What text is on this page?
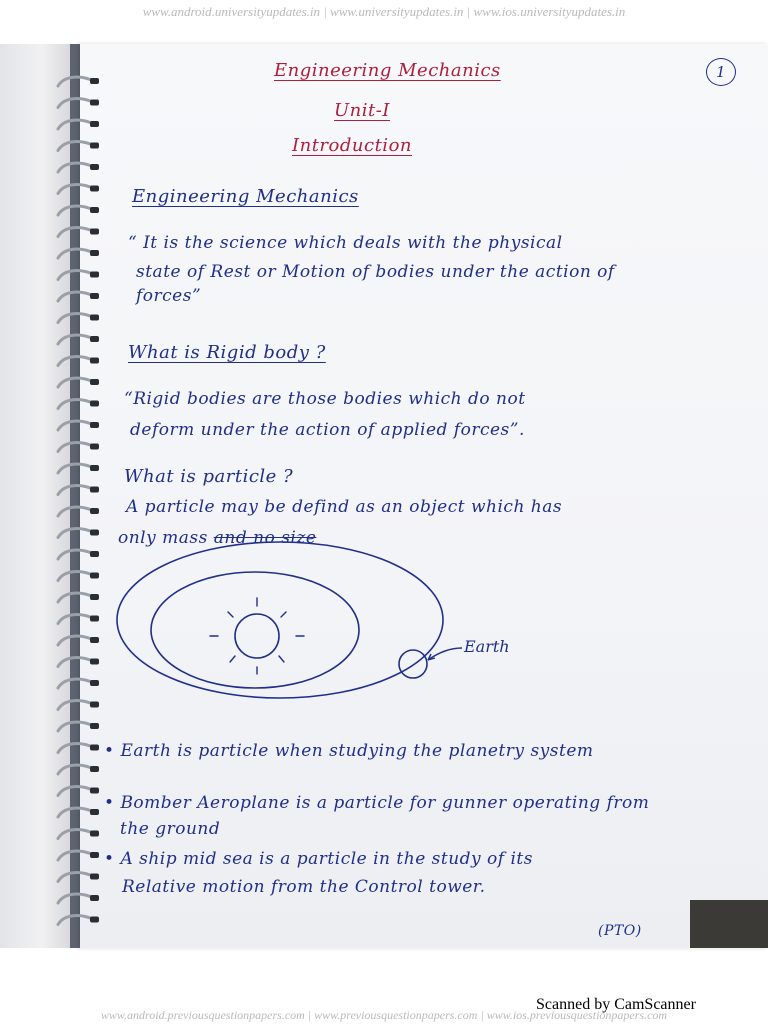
www.android.universityupdates.in | www.universityupdates.in | www.ios.universityupdates.in
1
Engineering Mechanics
Unit-I
Introduction
Engineering Mechanics
“ It is the science which deals with the physical
state of Rest or Motion of bodies under the action of
forces”
What is Rigid body ?
“Rigid bodies are those bodies which do not
deform under the action of applied forces”.
What is particle ?
A particle may be defind as an object which has
only mass and no size
Earth
• Earth is particle when studying the planetry system
• Bomber Aeroplane is a particle for gunner operating from
the ground
• A ship mid sea is a particle in the study of its
Relative motion from the Control tower.
(PTO)
Scanned by CamScanner
www.android.previousquestionpapers.com | www.previousquestionpapers.com | www.ios.previousquestionpapers.com
